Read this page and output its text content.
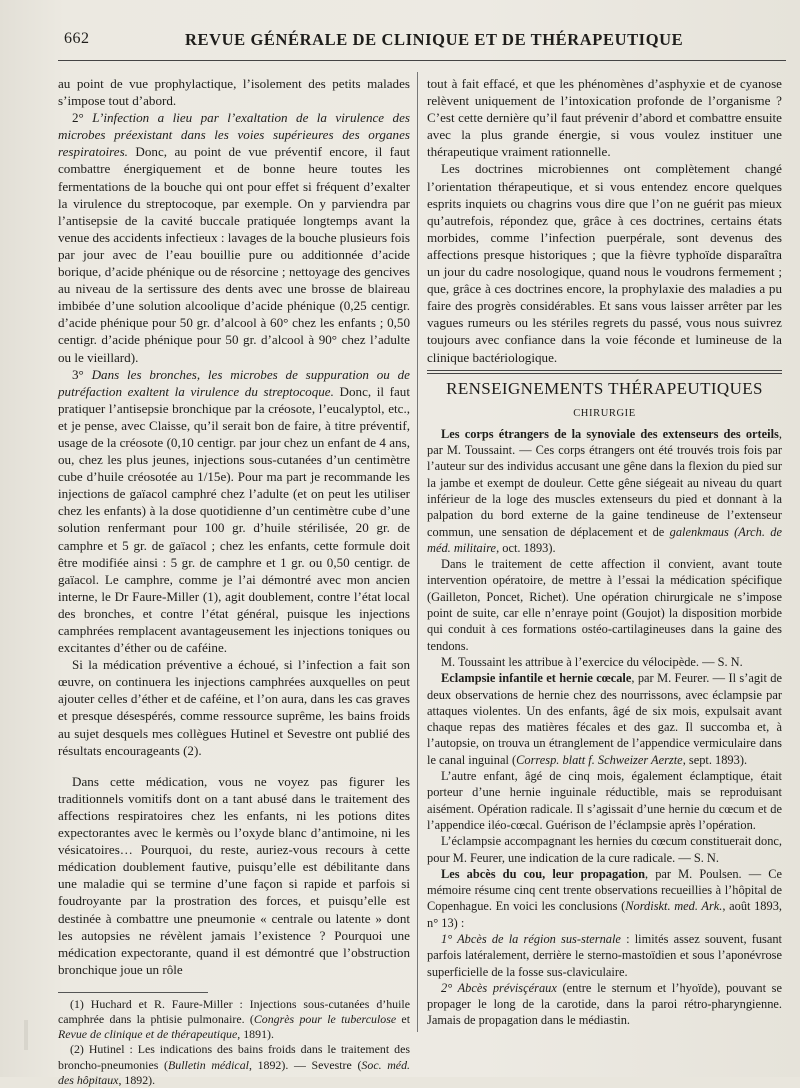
662	REVUE GÉNÉRALE DE CLINIQUE ET DE THÉRAPEUTIQUE

au point de vue prophylactique, l’isolement des petits malades s’impose tout d’abord.

2° L’infection a lieu par l’exaltation de la virulence des microbes préexistant dans les voies supérieures des organes respiratoires. Donc, au point de vue préventif encore, il faut combattre énergiquement et de bonne heure toutes les fermentations de la bouche qui ont pour effet si fréquent d’exalter la virulence du streptocoque, par exemple. On y parviendra par l’antisepsie de la cavité buccale pratiquée longtemps avant la venue des accidents infectieux : lavages de la bouche plusieurs fois par jour avec de l’eau bouillie pure ou additionnée d’acide borique, d’acide phénique ou de résorcine ; nettoyage des gencives au niveau de la sertissure des dents avec une brosse de blaireau imbibée d’une solution alcoolique d’acide phénique (0,25 centigr. d’acide phénique pour 50 gr. d’alcool à 60° chez les enfants ; 0,50 centigr. d’acide phénique pour 50 gr. d’alcool à 90° chez l’adulte ou le vieillard).

3° Dans les bronches, les microbes de suppuration ou de putréfaction exaltent la virulence du streptocoque. Donc, il faut pratiquer l’antisepsie bronchique par la créosote, l’eucalyptol, etc., et je pense, avec Claisse, qu’il serait bon de faire, à titre préventif, usage de la créosote (0,10 centigr. par jour chez un enfant de 4 ans, ou, chez les plus jeunes, injections sous-cutanées d’un centimètre cube d’huile créosotée au 1/15e). Pour ma part je recommande les injections de gaïacol camphré chez l’adulte (et on peut les utiliser chez les enfants) à la dose quotidienne d’un centimètre cube d’une solution renfermant pour 100 gr. d’huile stérilisée, 20 gr. de camphre et 5 gr. de gaïacol ; chez les enfants, cette formule doit être modifiée ainsi : 5 gr. de camphre et 1 gr. ou 0,50 centigr. de gaïacol. Le camphre, comme je l’ai démontré avec mon ancien interne, le Dr Faure-Miller (1), agit doublement, contre l’état local des bronches, et contre l’état général, puisque les injections camphrées remplacent avantageusement les injections toniques ou excitantes d’éther ou de caféine.

Si la médication préventive a échoué, si l’infection a fait son œuvre, on continuera les injections camphrées auxquelles on peut ajouter celles d’éther et de caféine, et l’on aura, dans les cas graves et presque désespérés, comme ressource suprême, les bains froids au sujet desquels mes collègues Hutinel et Sevestre ont publié des résultats encourageants (2).

Dans cette médication, vous ne voyez pas figurer les traditionnels vomitifs dont on a tant abusé dans le traitement des affections respiratoires chez les enfants, ni les potions dites expectorantes avec le kermès ou l’oxyde blanc d’antimoine, ni les vésicatoires… Pourquoi, du reste, auriez-vous recours à cette médication doublement fautive, puisqu’elle est débilitante dans une maladie qui se termine d’une façon si rapide et parfois si foudroyante par la prostration des forces, et puisqu’elle est destinée à combattre une pneumonie « centrale ou latente » dont les autopsies ne révèlent jamais l’existence ? Pourquoi une médication expectorante, quand il est démontré que l’obstruction bronchique joue un rôle

(1) Huchard et R. Faure-Miller : Injections sous-cutanées d’huile camphrée dans la phtisie pulmonaire. (Congrès pour le tuberculose et Revue de clinique et de thérapeutique, 1891).

(2) Hutinel : Les indications des bains froids dans le traitement des broncho-pneumonies (Bulletin médical, 1892). — Sevestre (Soc. méd. des hôpitaux, 1892).

tout à fait effacé, et que les phénomènes d’asphyxie et de cyanose relèvent uniquement de l’intoxication profonde de l’organisme ? C’est cette dernière qu’il faut prévenir d’abord et combattre ensuite avec la plus grande énergie, si vous voulez instituer une thérapeutique vraiment rationnelle.

Les doctrines microbiennes ont complètement changé l’orientation thérapeutique, et si vous entendez encore quelques esprits inquiets ou chagrins vous dire que l’on ne guérit pas mieux qu’autrefois, répondez que, grâce à ces doctrines, certains états morbides, comme l’infection puerpérale, sont devenus des affections presque historiques ; que la fièvre typhoïde disparaîtra un jour du cadre nosologique, quand nous le voudrons fermement ; que, grâce à ces doctrines encore, la prophylaxie des maladies a pu faire des progrès considérables. Et sans vous laisser arrêter par les vagues rumeurs ou les stériles regrets du passé, vous nous suivrez toujours avec confiance dans la voie féconde et lumineuse de la clinique bactériologique.

RENSEIGNEMENTS THÉRAPEUTIQUES

CHIRURGIE

Les corps étrangers de la synoviale des extenseurs des orteils, par M. Toussaint. — Ces corps étrangers ont été trouvés trois fois par l’auteur sur des individus accusant une gêne dans la flexion du pied sur la jambe et exempt de douleur. Cette gêne siégeait au niveau du quart inférieur de la loge des muscles extenseurs du pied et donnant à la palpation du bord externe de la gaine tendineuse de l’extenseur commun, une sensation de déplacement et de galenkmaus (Arch. de méd. militaire, oct. 1893).

Dans le traitement de cette affection il convient, avant toute intervention opératoire, de mettre à l’essai la médication spécifique (Gailleton, Poncet, Richet). Une opération chirurgicale ne s’impose point de suite, car elle n’enraye point (Goujot) la disposition morbide qui conduit à ces formations ostéo-cartilagineuses dans la gaine des tendons.

M. Toussaint les attribue à l’exercice du vélocipède. — S. N.

Eclampsie infantile et hernie cœcale, par M. Feurer. — Il s’agit de deux observations de hernie chez des nourrissons, avec éclampsie par attaques violentes. Un des enfants, âgé de six mois, expulsait avant chaque repas des matières fécales et des gaz. Il succomba et, à l’autopsie, on trouva un étranglement de l’appendice vermiculaire dans le canal inguinal (Corresp. blatt f. Schweizer Aerzte, sept. 1893).

L’autre enfant, âgé de cinq mois, également éclamptique, était porteur d’une hernie inguinale réductible, mais se reproduisant aisément. Opération radicale. Il s’agissait d’une hernie du cœcum et de l’appendice iléo-cœcal. Guérison de l’éclampsie après l’opération.

L’éclampsie accompagnant les hernies du cœcum constituerait donc, pour M. Feurer, une indication de la cure radicale. — S. N.

Les abcès du cou, leur propagation, par M. Poulsen. — Ce mémoire résume cinq cent trente observations recueillies à l’hôpital de Copenhague. En voici les conclusions (Nordiskt. med. Ark., août 1893, n° 13) :

1° Abcès de la région sus-sternale : limités assez souvent, fusant parfois latéralement, derrière le sterno-mastoïdien et sous l’aponévrose superficielle de la fosse sus-claviculaire.

2° Abcès prévisçéraux (entre le sternum et l’hyoïde), pouvant se propager le long de la carotide, dans la paroi rétro-pharyngienne. Jamais de propagation dans le médiastin.
